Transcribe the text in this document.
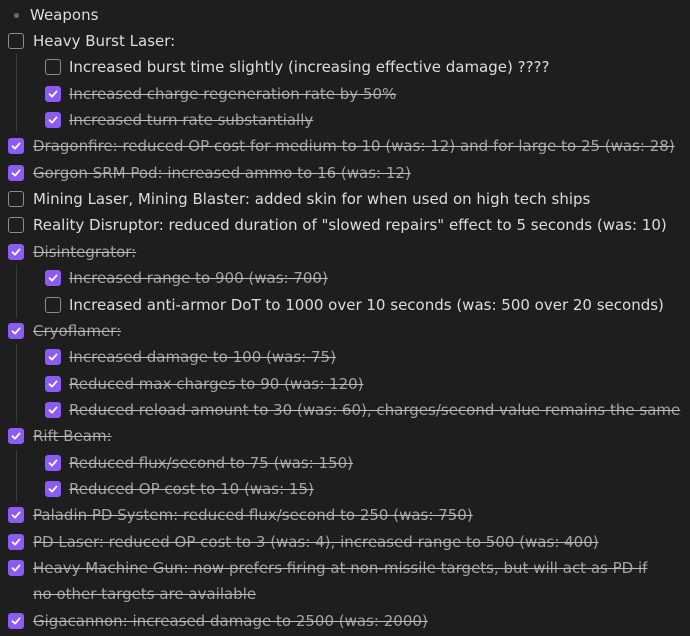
Weapons
Heavy Burst Laser:
Increased burst time slightly (increasing effective damage) ????
Increased charge regeneration rate by 50%
Increased turn rate substantially
Dragonfire: reduced OP cost for medium to 10 (was: 12) and for large to 25 (was: 28)
Gorgon SRM Pod: increased ammo to 16 (was: 12)
Mining Laser, Mining Blaster: added skin for when used on high tech ships
Reality Disruptor: reduced duration of "slowed repairs" effect to 5 seconds (was: 10)
Disintegrator:
Increased range to 900 (was: 700)
Increased anti-armor DoT to 1000 over 10 seconds (was: 500 over 20 seconds)
Cryoflamer:
Increased damage to 100 (was: 75)
Reduced max charges to 90 (was: 120)
Reduced reload amount to 30 (was: 60), charges/second value remains the same
Rift Beam:
Reduced flux/second to 75 (was: 150)
Reduced OP cost to 10 (was: 15)
Paladin PD System: reduced flux/second to 250 (was: 750)
PD Laser: reduced OP cost to 3 (was: 4), increased range to 500 (was: 400)
Heavy Machine Gun: now prefers firing at non-missile targets, but will act as PD if no other targets are available
Gigacannon: increased damage to 2500 (was: 2000)
